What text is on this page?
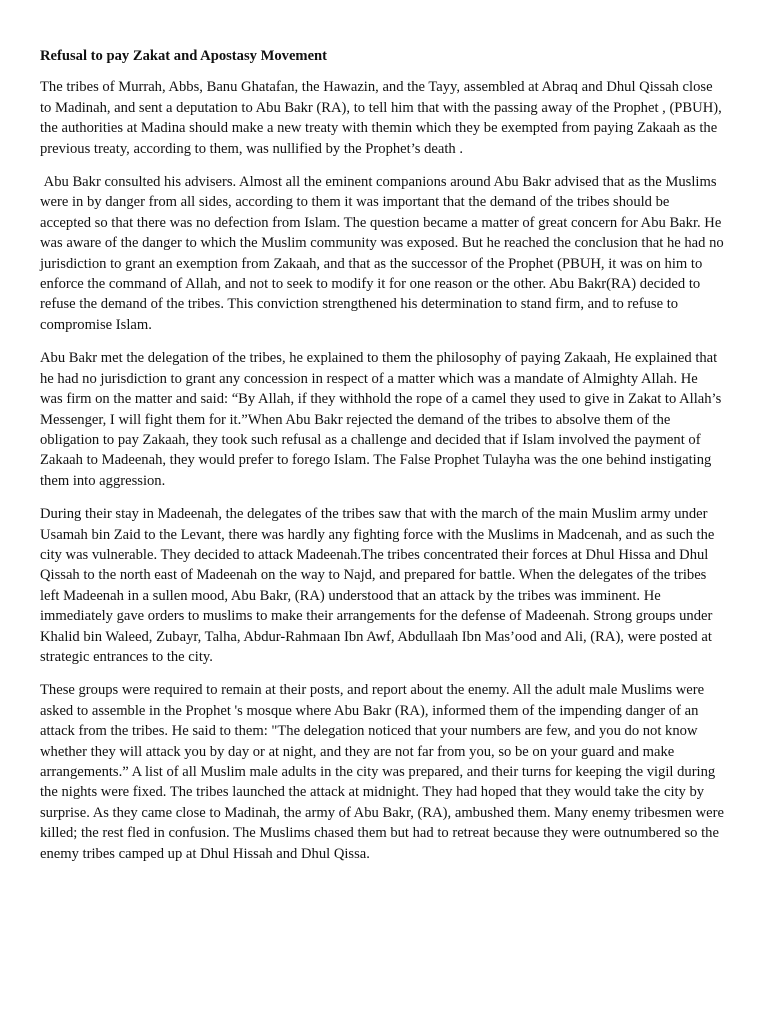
Refusal to pay Zakat and Apostasy Movement

The tribes of Murrah, Abbs, Banu Ghatafan, the Hawazin, and the Tayy, assembled at Abraq and Dhul Qissah close to Madinah, and sent a deputation to Abu Bakr (RA), to tell him that with the passing away of the Prophet , (PBUH), the authorities at Madina should make a new treaty with themin which they be exempted from paying Zakaah as the previous treaty, according to them, was nullified by the Prophet’s death .

Abu Bakr consulted his advisers. Almost all the eminent companions around Abu Bakr advised that as the Muslims were in by danger from all sides, according to them it was important that the demand of the tribes should be accepted so that there was no defection from Islam. The question became a matter of great concern for Abu Bakr. He was aware of the danger to which the Muslim community was exposed. But he reached the conclusion that he had no jurisdiction to grant an exemption from Zakaah, and that as the successor of the Prophet (PBUH, it was on him to enforce the command of Allah, and not to seek to modify it for one reason or the other. Abu Bakr(RA) decided to refuse the demand of the tribes. This conviction strengthened his determination to stand firm, and to refuse to compromise Islam.

Abu Bakr met the delegation of the tribes, he explained to them the philosophy of paying Zakaah, He explained that he had no jurisdiction to grant any concession in respect of a matter which was a mandate of Almighty Allah. He was firm on the matter and said: “By Allah, if they withhold the rope of a camel they used to give in Zakat to Allah’s Messenger, I will fight them for it.”When Abu Bakr rejected the demand of the tribes to absolve them of the obligation to pay Zakaah, they took such refusal as a challenge and decided that if Islam involved the payment of Zakaah to Madeenah, they would prefer to forego Islam. The False Prophet Tulayha was the one behind instigating them into aggression.

During their stay in Madeenah, the delegates of the tribes saw that with the march of the main Muslim army under Usamah bin Zaid to the Levant, there was hardly any fighting force with the Muslims in Madcenah, and as such the city was vulnerable. They decided to attack Madeenah.The tribes concentrated their forces at Dhul Hissa and Dhul Qissah to the north east of Madeenah on the way to Najd, and prepared for battle. When the delegates of the tribes left Madeenah in a sullen mood, Abu Bakr, (RA) understood that an attack by the tribes was imminent. He immediately gave orders to muslims to make their arrangements for the defense of Madeenah. Strong groups under Khalid bin Waleed, Zubayr, Talha, Abdur-Rahmaan Ibn Awf, Abdullaah Ibn Mas’ood and Ali, (RA), were posted at strategic entrances to the city.

These groups were required to remain at their posts, and report about the enemy. All the adult male Muslims were asked to assemble in the Prophet 's mosque where Abu Bakr (RA), informed them of the impending danger of an attack from the tribes. He said to them: "The delegation noticed that your numbers are few, and you do not know whether they will attack you by day or at night, and they are not far from you, so be on your guard and make arrangements.” A list of all Muslim male adults in the city was prepared, and their turns for keeping the vigil during the nights were fixed. The tribes launched the attack at midnight. They had hoped that they would take the city by surprise. As they came close to Madinah, the army of Abu Bakr, (RA), ambushed them. Many enemy tribesmen were killed; the rest fled in confusion. The Muslims chased them but had to retreat because they were outnumbered so the enemy tribes camped up at Dhul Hissah and Dhul Qissa.
